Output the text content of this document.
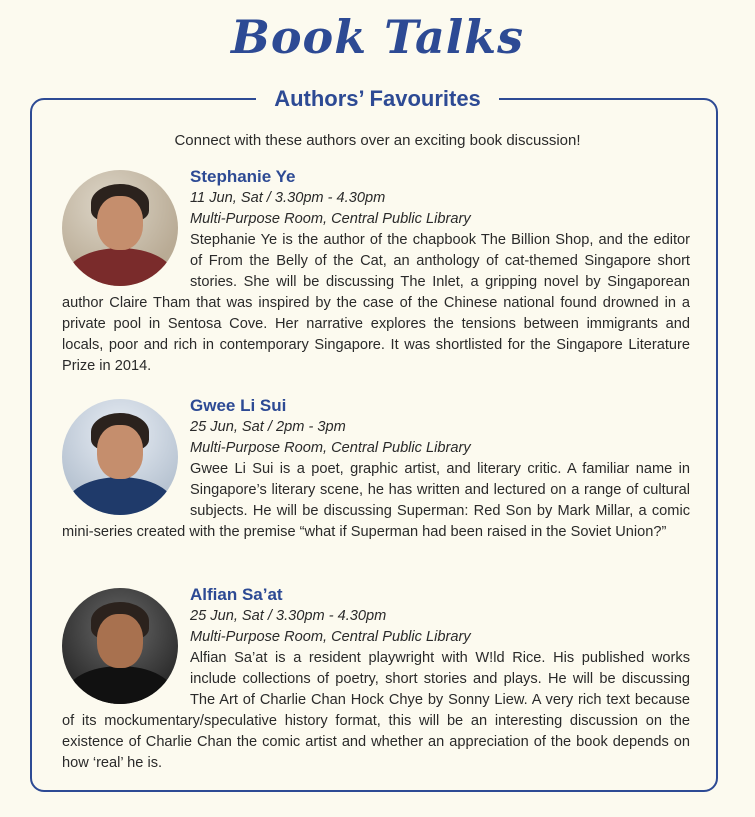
Book Talks
Authors’ Favourites
Connect with these authors over an exciting book discussion!
Stephanie Ye
11 Jun, Sat / 3.30pm - 4.30pm
Multi-Purpose Room, Central Public Library
Stephanie Ye is the author of the chapbook The Billion Shop, and the editor of From the Belly of the Cat, an anthology of cat-themed Singapore short stories. She will be discussing The Inlet, a gripping novel by Singaporean author Claire Tham that was inspired by the case of the Chinese national found drowned in a private pool in Sentosa Cove. Her narrative explores the tensions between immigrants and locals, poor and rich in contemporary Singapore. It was shortlisted for the Singapore Literature Prize in 2014.
Gwee Li Sui
25 Jun, Sat / 2pm - 3pm
Multi-Purpose Room, Central Public Library
Gwee Li Sui is a poet, graphic artist, and literary critic. A familiar name in Singapore’s literary scene, he has written and lectured on a range of cultural subjects. He will be discussing Superman: Red Son by Mark Millar, a comic mini-series created with the premise “what if Superman had been raised in the Soviet Union?”
Alfian Sa’at
25 Jun, Sat / 3.30pm - 4.30pm
Multi-Purpose Room, Central Public Library
Alfian Sa’at is a resident playwright with W!ld Rice. His published works include collections of poetry, short stories and plays. He will be discussing The Art of Charlie Chan Hock Chye by Sonny Liew. A very rich text because of its mockumentary/speculative history format, this will be an interesting discussion on the existence of Charlie Chan the comic artist and whether an appreciation of the book depends on how ‘real’ he is.
